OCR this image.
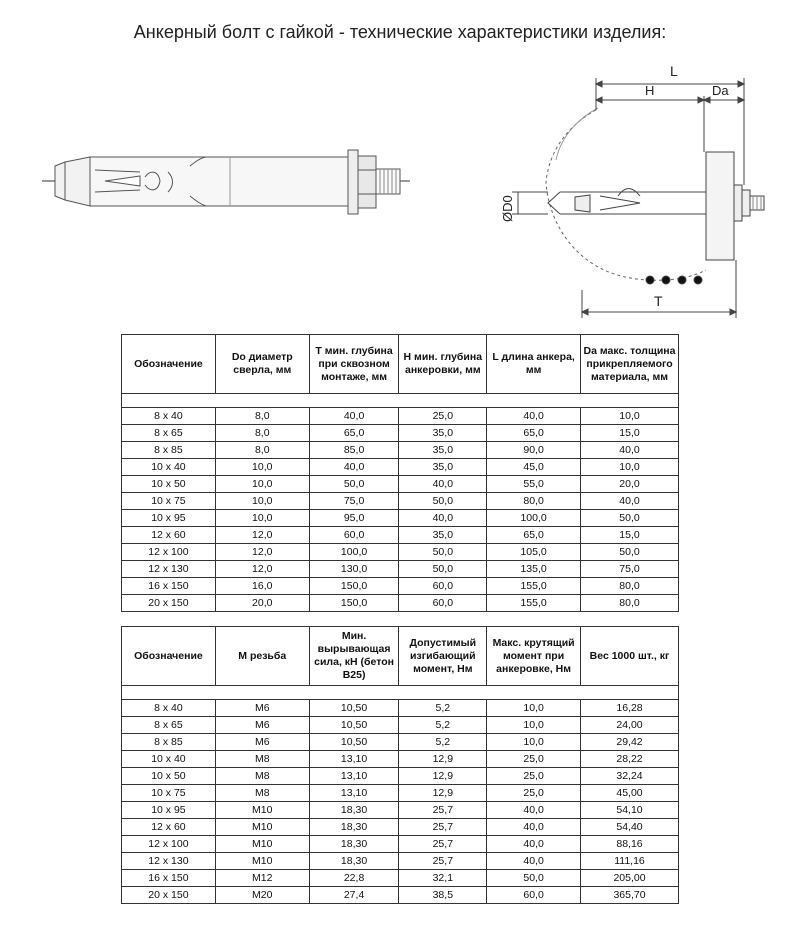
Анкерный болт с гайкой - технические характеристики изделия:
L
H	Da
ØD0
T
Обозначение	Do диаметр сверла, мм	T мин. глубина при сквозном монтаже, мм	H мин. глубина анкеровки, мм	L длина анкера, мм	Da макс. толщина прикрепляемого материала, мм

8 x 40	8,0	40,0	25,0	40,0	10,0
8 x 65	8,0	65,0	35,0	65,0	15,0
8 x 85	8,0	85,0	35,0	90,0	40,0
10 x 40	10,0	40,0	35,0	45,0	10,0
10 x 50	10,0	50,0	40,0	55,0	20,0
10 x 75	10,0	75,0	50,0	80,0	40,0
10 x 95	10,0	95,0	40,0	100,0	50,0
12 x 60	12,0	60,0	35,0	65,0	15,0
12 x 100	12,0	100,0	50,0	105,0	50,0
12 x 130	12,0	130,0	50,0	135,0	75,0
16 x 150	16,0	150,0	60,0	155,0	80,0
20 x 150	20,0	150,0	60,0	155,0	80,0
Обозначение	M резьба	Мин. вырывающая сила, кН (бетон B25)	Допустимый изгибающий момент, Нм	Макс. крутящий момент при анкеровке, Нм	Вес 1000 шт., кг

8 x 40	M6	10,50	5,2	10,0	16,28
8 x 65	M6	10,50	5,2	10,0	24,00
8 x 85	M6	10,50	5,2	10,0	29,42
10 x 40	M8	13,10	12,9	25,0	28,22
10 x 50	M8	13,10	12,9	25,0	32,24
10 x 75	M8	13,10	12,9	25,0	45,00
10 x 95	M10	18,30	25,7	40,0	54,10
12 x 60	M10	18,30	25,7	40,0	54,40
12 x 100	M10	18,30	25,7	40,0	88,16
12 x 130	M10	18,30	25,7	40,0	111,16
16 x 150	M12	22,8	32,1	50,0	205,00
20 x 150	M20	27,4	38,5	60,0	365,70
